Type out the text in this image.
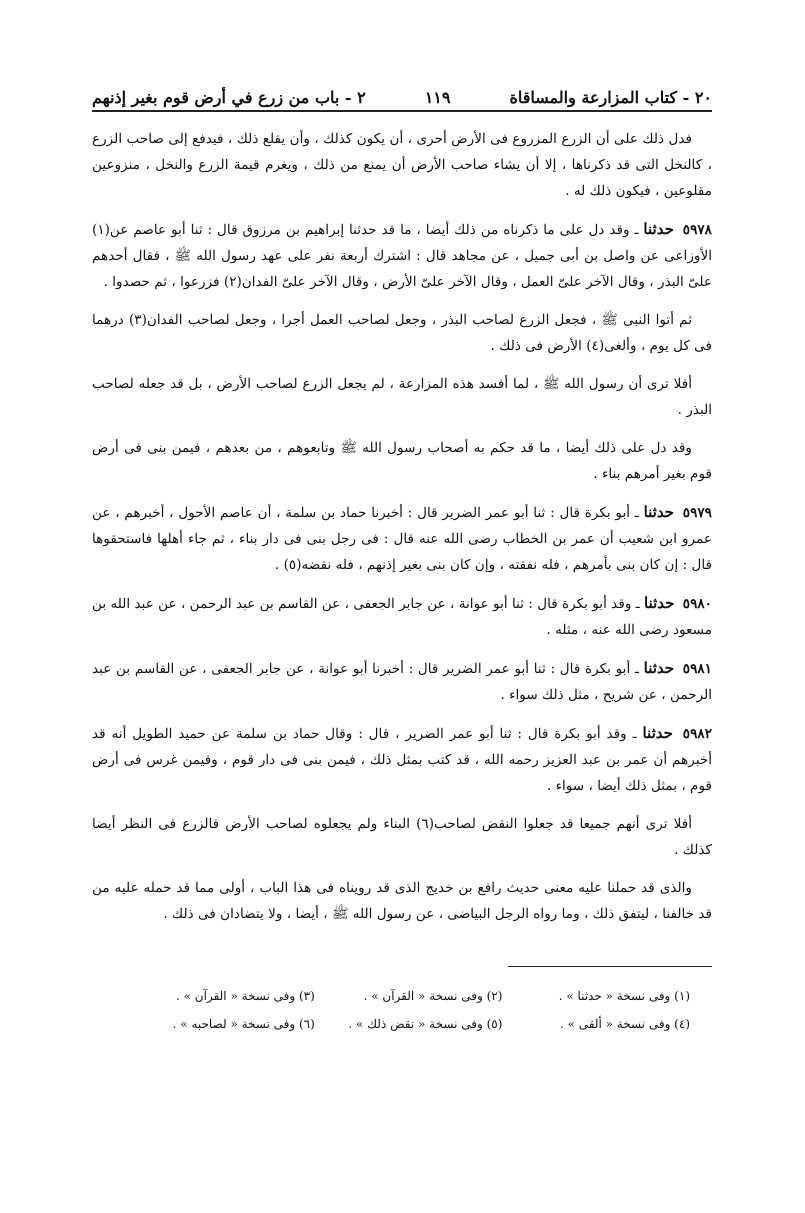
٢٠ - كتاب المزارعة والمساقاة
١١٩
٢ - باب من زرع في أرض قوم بغير إذنهم

فدل ذلك على أن الزرع المزروع فى الأرض أحرى ، أن يكون كذلك ، وأن يقلع ذلك ، فيدفع إلى صاحب الزرع ، كالنخل التى قد ذكرناها ، إلا أن يشاء صاحب الأرض أن يمنع من ذلك ، ويغرم قيمة الزرع والنخل ، منزوعين مقلوعين ، فيكون ذلك له .

٥٩٧٨ حدثنا ـ وقد دل على ما ذكرناه من ذلك أيضا ، ما قد حدثنا إبراهيم بن مرزوق قال : ثنا أبو عاصم عن(١) الأوزاعى عن واصل بن أبى جميل ، عن مجاهد قال : اشترك أربعة نفر على عهد رسول الله ﷺ ، فقال أحدهم علىّ البذر ، وقال الآخر علىّ العمل ، وقال الآخر علىّ الأرض ، وقال الآخر علىّ الفدان(٢) فزرعوا ، ثم حصدوا .

ثم أتوا النبى ﷺ ، فجعل الزرع لصاحب البذر ، وجعل لصاحب العمل أجرا ، وجعل لصاحب الفدان(٣) درهما فى كل يوم ، وألغى(٤) الأرض فى ذلك .

أفلا ترى أن رسول الله ﷺ ، لما أفسد هذه المزارعة ، لم يجعل الزرع لصاحب الأرض ، بل قد جعله لصاحب البذر .

وقد دل على ذلك أيضا ، ما قد حكم به أصحاب رسول الله ﷺ وتابعوهم ، من بعدهم ، فيمن بنى فى أرض قوم بغير أمرهم بناء .

٥٩٧٩ حدثنا ـ أبو بكرة قال : ثنا أبو عمر الضرير قال : أخبرنا حماد بن سلمة ، أن عاصم الأحول ، أخبرهم ، عن عمرو ابن شعيب أن عمر بن الخطاب رضى الله عنه قال : فى رجل بنى فى دار بناء ، ثم جاء أهلها فاستحقوها قال : إن كان بنى بأمرهم ، فله نفقته ، وإن كان بنى بغير إذنهم ، فله نقضه(٥) .

٥٩٨٠ حدثنا ـ وقد أبو بكرة قال : ثنا أبو عوانة ، عن جابر الجعفى ، عن القاسم بن عبد الرحمن ، عن عبد الله بن مسعود رضى الله عنه ، مثله .

٥٩٨١ حدثنا ـ أبو بكرة قال : ثنا أبو عمر الضرير قال : أخبرنا أبو عوانة ، عن جابر الجعفى ، عن القاسم بن عبد الرحمن ، عن شريح ، مثل ذلك سواء .

٥٩٨٢ حدثنا ـ وقد أبو بكرة قال : ثنا أبو عمر الضرير ، قال : وقال حماد بن سلمة عن حميد الطويل أنه قد أخبرهم أن عمر بن عبد العزيز رحمه الله ، قد كتب بمثل ذلك ، فيمن بنى فى دار قوم ، وفيمن غرس فى أرض قوم ، بمثل ذلك أيضا ، سواء .

أفلا ترى أنهم جميعا قد جعلوا النقض لصاحب(٦) البناء ولم يجعلوه لصاحب الأرض فالزرع فى النظر أيضا كذلك .

والذى قد حملنا عليه معنى حديث رافع بن خديج الذى قد رويناه فى هذا الباب ، أولى مما قد حمله عليه من قد خالفنا ، ليتفق ذلك ، وما رواه الرجل البياضى ، عن رسول الله ﷺ ، أيضا ، ولا يتضادان فى ذلك .

(١) وفى نسخة « حدثنا » .
(٢) وفى نسخة « القرآن » .
(٣) وفى نسخة « القرآن » .
(٤) وفى نسخة « ألقى » .
(٥) وفى نسخة « نقض ذلك » .
(٦) وفى نسخة « لصاحبه » .
